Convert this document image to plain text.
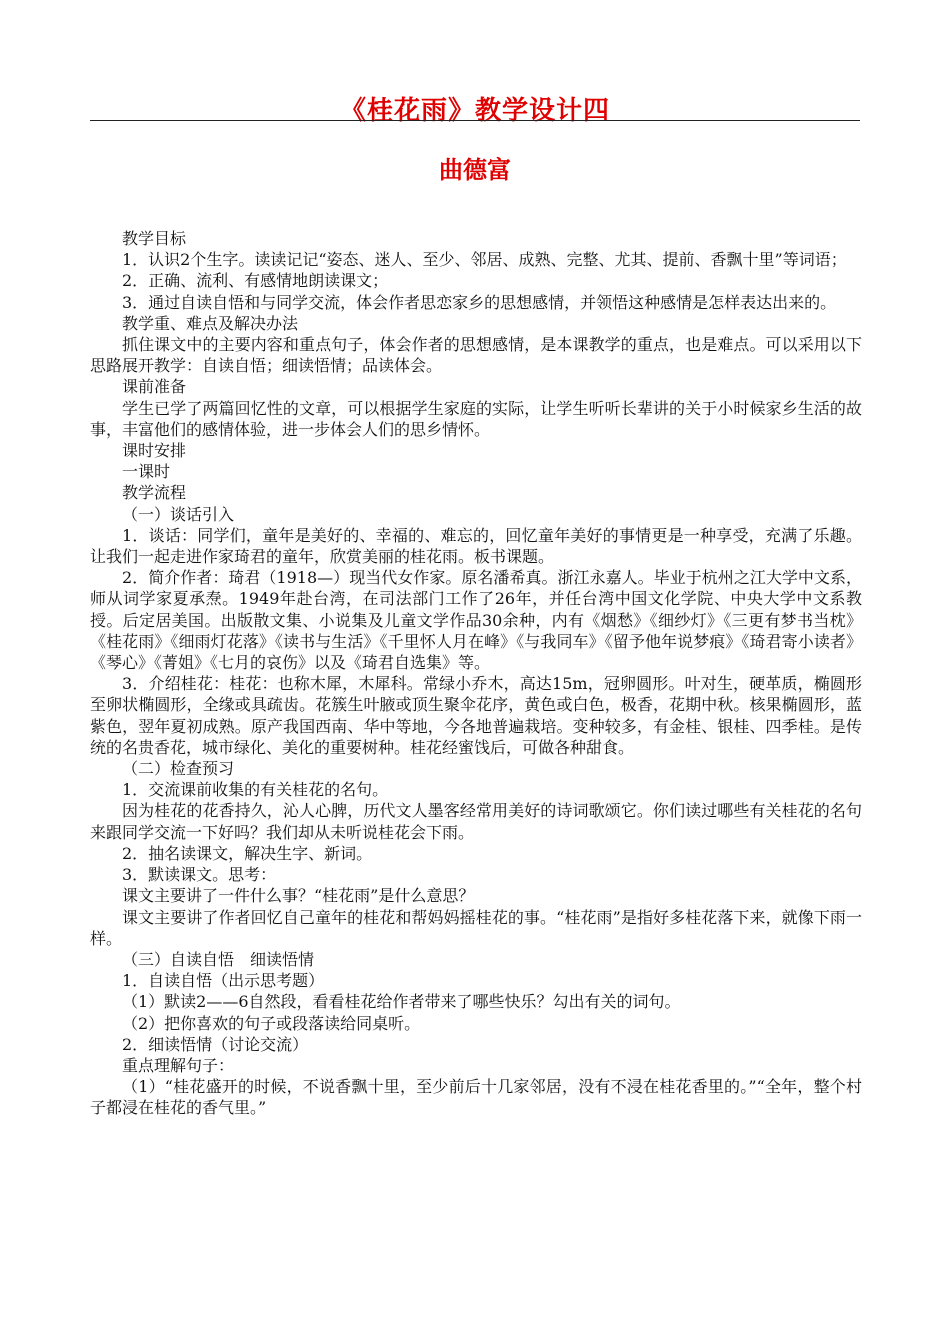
《桂花雨》教学设计四
曲德富

教学目标

1．认识2个生字。读读记记“姿态、迷人、至少、邻居、成熟、完整、尤其、提前、香飘十里”等词语；

2．正确、流利、有感情地朗读课文；

3．通过自读自悟和与同学交流，体会作者思恋家乡的思想感情，并领悟这种感情是怎样表达出来的。

教学重、难点及解决办法

抓住课文中的主要内容和重点句子，体会作者的思想感情，是本课教学的重点，也是难点。可以采用以下思路展开教学：自读自悟；细读悟情；品读体会。

课前准备

学生已学了两篇回忆性的文章，可以根据学生家庭的实际，让学生听听长辈讲的关于小时候家乡生活的故事，丰富他们的感情体验，进一步体会人们的思乡情怀。

课时安排

一课时

教学流程

（一）谈话引入

1．谈话：同学们，童年是美好的、幸福的、难忘的，回忆童年美好的事情更是一种享受，充满了乐趣。让我们一起走进作家琦君的童年，欣赏美丽的桂花雨。板书课题。

2．简介作者：琦君（1918—）现当代女作家。原名潘希真。浙江永嘉人。毕业于杭州之江大学中文系，师从词学家夏承焘。1949年赴台湾，在司法部门工作了26年，并任台湾中国文化学院、中央大学中文系教授。后定居美国。出版散文集、小说集及儿童文学作品30余种，内有《烟愁》《细纱灯》《三更有梦书当枕》《桂花雨》《细雨灯花落》《读书与生活》《千里怀人月在峰》《与我同车》《留予他年说梦痕》《琦君寄小读者》《琴心》《菁姐》《七月的哀伤》以及《琦君自选集》等。

3．介绍桂花：桂花：也称木犀，木犀科。常绿小乔木，高达15m，冠卵圆形。叶对生，硬革质，椭圆形至卵状椭圆形，全缘或具疏齿。花簇生叶腋或顶生聚伞花序，黄色或白色，极香，花期中秋。核果椭圆形，蓝紫色，翌年夏初成熟。原产我国西南、华中等地，今各地普遍栽培。变种较多，有金桂、银桂、四季桂。是传统的名贵香花，城市绿化、美化的重要树种。桂花经蜜饯后，可做各种甜食。

（二）检查预习

1．交流课前收集的有关桂花的名句。

因为桂花的花香持久，沁人心脾，历代文人墨客经常用美好的诗词歌颂它。你们读过哪些有关桂花的名句来跟同学交流一下好吗？我们却从未听说桂花会下雨。

2．抽名读课文，解决生字、新词。

3．默读课文。思考：

课文主要讲了一件什么事？“桂花雨”是什么意思？

课文主要讲了作者回忆自己童年的桂花和帮妈妈摇桂花的事。“桂花雨”是指好多桂花落下来，就像下雨一样。

（三）自读自悟　细读悟情

1．自读自悟（出示思考题）

（1）默读2——6自然段，看看桂花给作者带来了哪些快乐？勾出有关的词句。

（2）把你喜欢的句子或段落读给同桌听。

2．细读悟情（讨论交流）

重点理解句子：

（1）“桂花盛开的时候，不说香飘十里，至少前后十几家邻居，没有不浸在桂花香里的。”“全年，整个村子都浸在桂花的香气里。”
